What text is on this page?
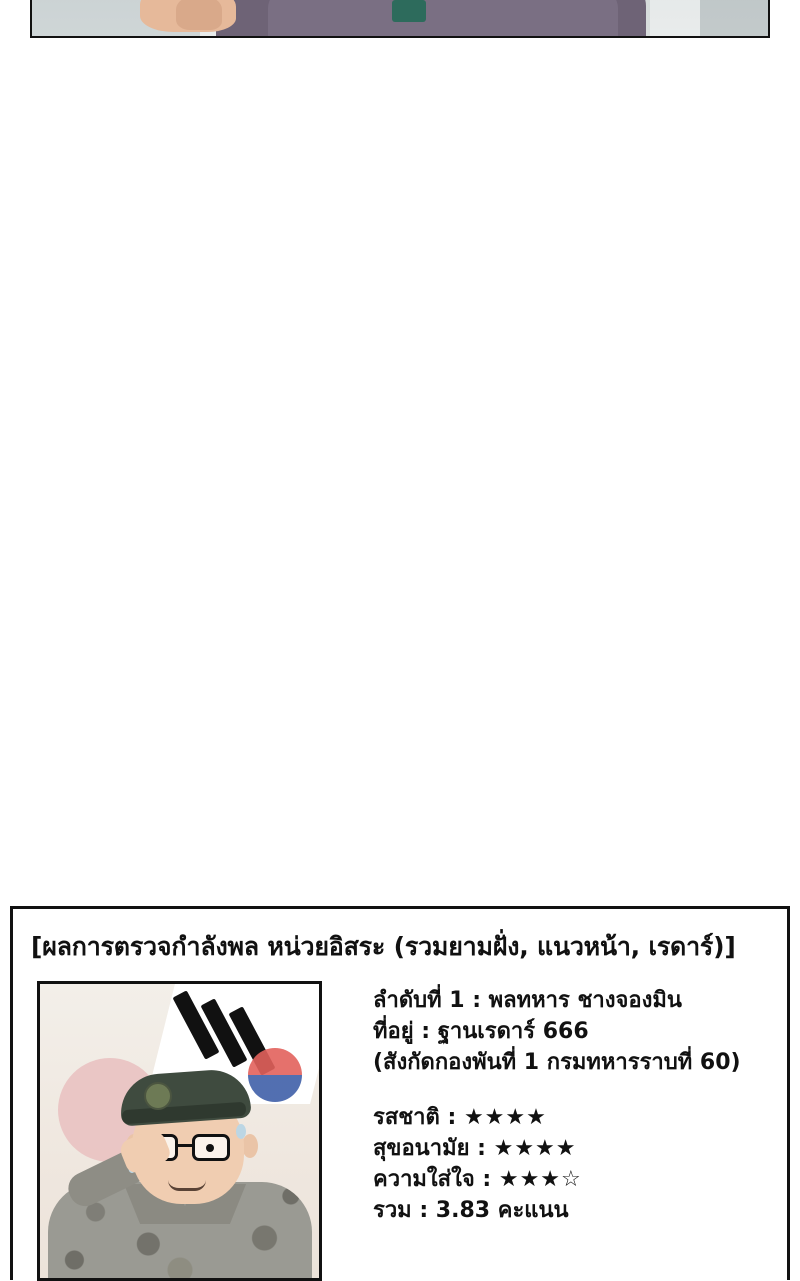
[ผลการตรวจกำลังพล หน่วยอิสระ (รวมยามฝั่ง, แนวหน้า, เรดาร์)]
ลำดับที่ 1 : พลทหาร ชางจองมิน
ที่อยู่ : ฐานเรดาร์ 666
(สังกัดกองพันที่ 1 กรมทหารราบที่ 60)
รสชาติ : ★★★★
สุขอนามัย : ★★★★
ความใส่ใจ : ★★★☆
รวม : 3.83 คะแนน
